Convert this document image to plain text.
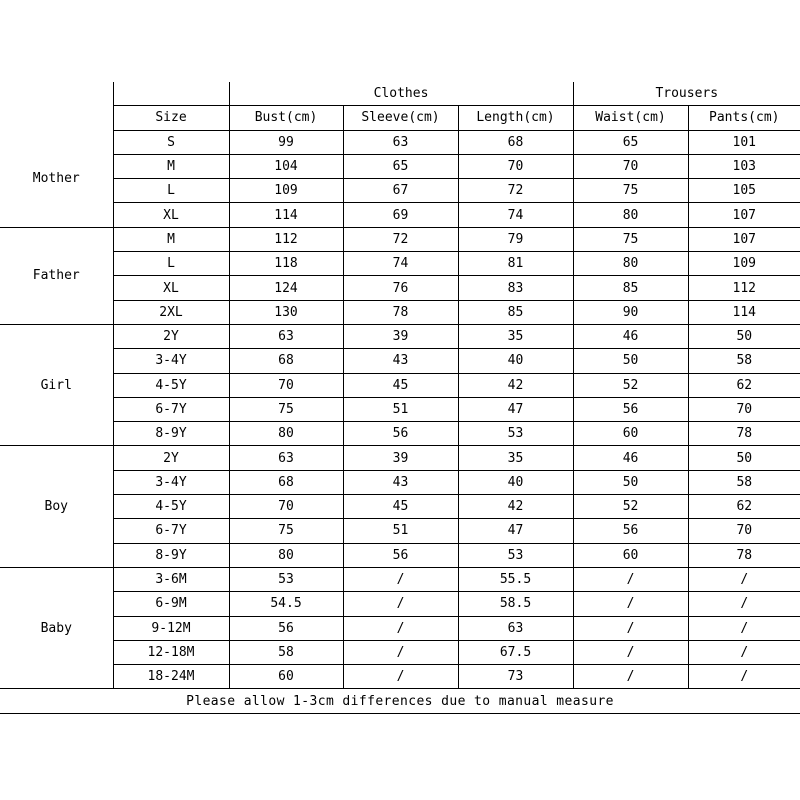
		Clothes			Trousers	
	Size	Bust(cm)	Sleeve(cm)	Length(cm)	Waist(cm)	Pants(cm)
Mother	S	99	63	68	65	101
	M	104	65	70	70	103
	L	109	67	72	75	105
	XL	114	69	74	80	107
Father	M	112	72	79	75	107
	L	118	74	81	80	109
	XL	124	76	83	85	112
	2XL	130	78	85	90	114
Girl	2Y	63	39	35	46	50
	3-4Y	68	43	40	50	58
	4-5Y	70	45	42	52	62
	6-7Y	75	51	47	56	70
	8-9Y	80	56	53	60	78
Boy	2Y	63	39	35	46	50
	3-4Y	68	43	40	50	58
	4-5Y	70	45	42	52	62
	6-7Y	75	51	47	56	70
	8-9Y	80	56	53	60	78
Baby	3-6M	53	/	55.5	/	/
	6-9M	54.5	/	58.5	/	/
	9-12M	56	/	63	/	/
	12-18M	58	/	67.5	/	/
	18-24M	60	/	73	/	/
Please allow 1-3cm differences due to manual measure						
